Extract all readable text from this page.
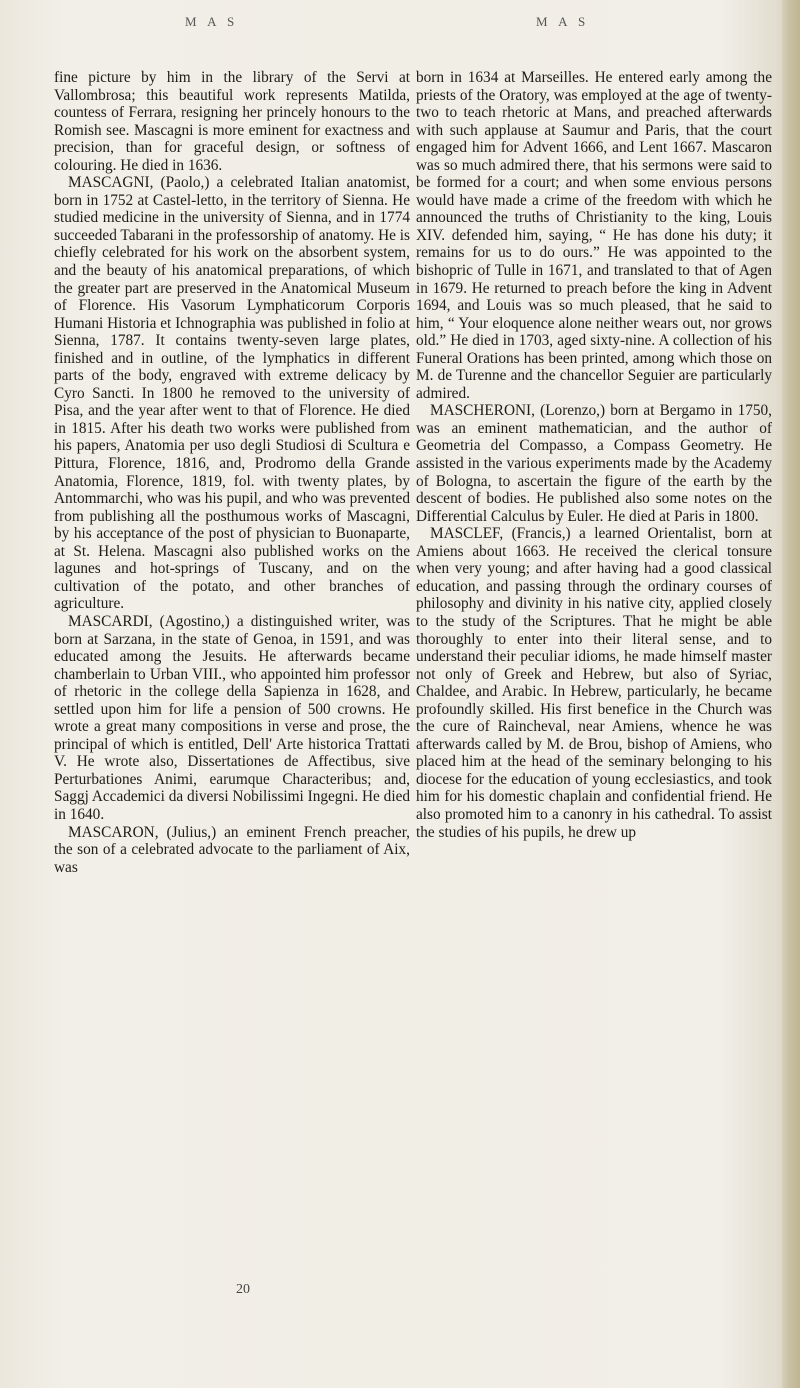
M A S	M A S

fine picture by him in the library of the Servi at Vallombrosa; this beautiful work represents Matilda, countess of Ferrara, resigning her princely honours to the Romish see. Mascagni is more eminent for exactness and precision, than for graceful design, or softness of colouring. He died in 1636.

MASCAGNI, (Paolo,) a celebrated Italian anatomist, born in 1752 at Castel-letto, in the territory of Sienna. He studied medicine in the university of Sienna, and in 1774 succeeded Tabarani in the professorship of anatomy. He is chiefly celebrated for his work on the absorbent system, and the beauty of his anatomical preparations, of which the greater part are preserved in the Anatomical Museum of Florence. His Vasorum Lymphaticorum Corporis Humani Historia et Ichnographia was published in folio at Sienna, 1787. It contains twenty-seven large plates, finished and in outline, of the lymphatics in different parts of the body, engraved with extreme delicacy by Cyro Sancti. In 1800 he removed to the university of Pisa, and the year after went to that of Florence. He died in 1815. After his death two works were published from his papers, Anatomia per uso degli Studiosi di Scultura e Pittura, Florence, 1816, and, Prodromo della Grande Anatomia, Florence, 1819, fol. with twenty plates, by Antommarchi, who was his pupil, and who was prevented from publishing all the posthumous works of Mascagni, by his acceptance of the post of physician to Buonaparte, at St. Helena. Mascagni also published works on the lagunes and hot-springs of Tuscany, and on the cultivation of the potato, and other branches of agriculture.

MASCARDI, (Agostino,) a distinguished writer, was born at Sarzana, in the state of Genoa, in 1591, and was educated among the Jesuits. He afterwards became chamberlain to Urban VIII., who appointed him professor of rhetoric in the college della Sapienza in 1628, and settled upon him for life a pension of 500 crowns. He wrote a great many compositions in verse and prose, the principal of which is entitled, Dell' Arte historica Trattati V. He wrote also, Dissertationes de Affectibus, sive Perturbationes Animi, earumque Characteribus; and, Saggj Accademici da diversi Nobilissimi Ingegni. He died in 1640.

MASCARON, (Julius,) an eminent French preacher, the son of a celebrated advocate to the parliament of Aix, was

born in 1634 at Marseilles. He entered early among the priests of the Oratory, was employed at the age of twenty-two to teach rhetoric at Mans, and preached afterwards with such applause at Saumur and Paris, that the court engaged him for Advent 1666, and Lent 1667. Mascaron was so much admired there, that his sermons were said to be formed for a court; and when some envious persons would have made a crime of the freedom with which he announced the truths of Christianity to the king, Louis XIV. defended him, saying, “ He has done his duty; it remains for us to do ours.” He was appointed to the bishopric of Tulle in 1671, and translated to that of Agen in 1679. He returned to preach before the king in Advent 1694, and Louis was so much pleased, that he said to him, “ Your eloquence alone neither wears out, nor grows old.” He died in 1703, aged sixty-nine. A collection of his Funeral Orations has been printed, among which those on M. de Turenne and the chancellor Seguier are particularly admired.

MASCHERONI, (Lorenzo,) born at Bergamo in 1750, was an eminent mathematician, and the author of Geometria del Compasso, a Compass Geometry. He assisted in the various experiments made by the Academy of Bologna, to ascertain the figure of the earth by the descent of bodies. He published also some notes on the Differential Calculus by Euler. He died at Paris in 1800.

MASCLEF, (Francis,) a learned Orientalist, born at Amiens about 1663. He received the clerical tonsure when very young; and after having had a good classical education, and passing through the ordinary courses of philosophy and divinity in his native city, applied closely to the study of the Scriptures. That he might be able thoroughly to enter into their literal sense, and to understand their peculiar idioms, he made himself master not only of Greek and Hebrew, but also of Syriac, Chaldee, and Arabic. In Hebrew, particularly, he became profoundly skilled. His first benefice in the Church was the cure of Raincheval, near Amiens, whence he was afterwards called by M. de Brou, bishop of Amiens, who placed him at the head of the seminary belonging to his diocese for the education of young ecclesiastics, and took him for his domestic chaplain and confidential friend. He also promoted him to a canonry in his cathedral. To assist the studies of his pupils, he drew up

20
